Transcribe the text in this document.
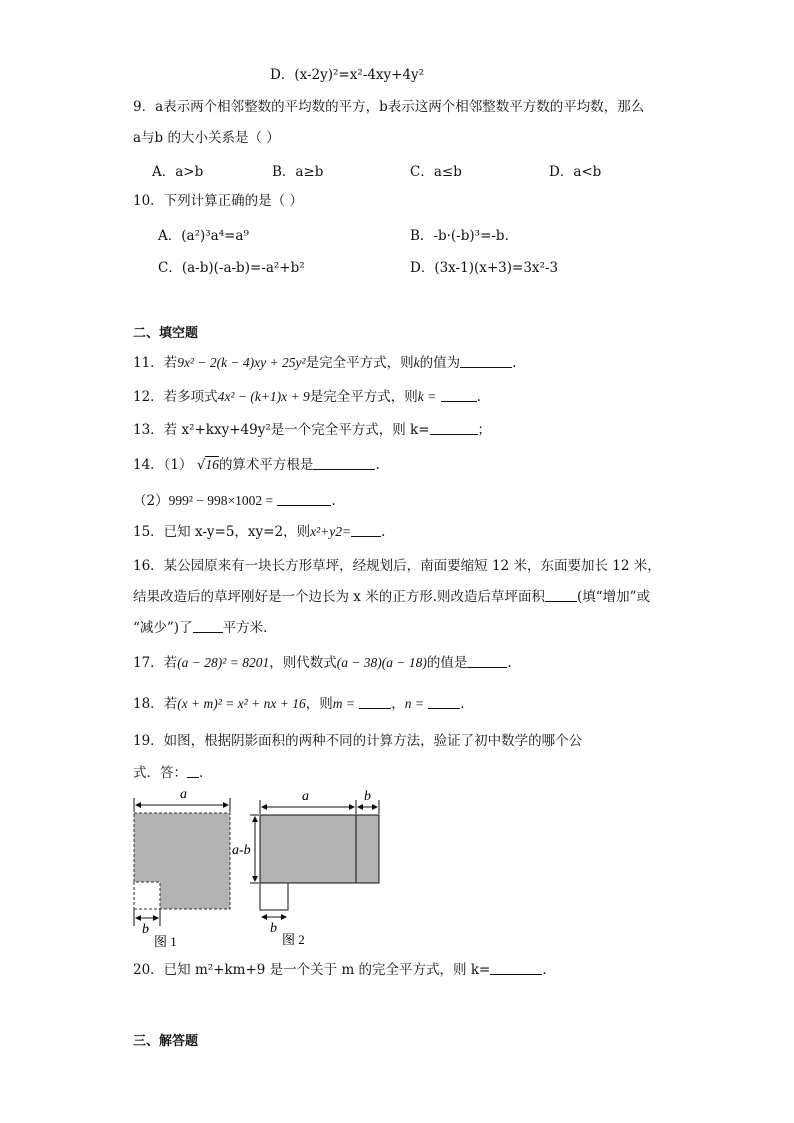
D．(x-2y)²=x²-4xy+4y²
9．a表示两个相邻整数的平均数的平方，b表示这两个相邻整数平方数的平均数，那么
a与b 的大小关系是（ ）
A．a>b	B．a≥b	C．a≤b	D．a<b
10．下列计算正确的是（ ）
A．(a²)³a⁴=a⁹	B．-b·(-b)³=-b.
C．(a-b)(-a-b)=-a²+b²	D．(3x-1)(x+3)=3x²-3
二、填空题
11．若9x² − 2(k − 4)xy + 25y²是完全平方式，则k的值为	.
12．若多项式4x² − (k+1)x + 9是完全平方式，则k =	.
13．若 x²+kxy+49y²是一个完全平方式，则 k=	；
14．（1） √16的算术平方根是	.
（2）999² − 998×1002 =	.
15．已知 x-y=5，xy=2，则x²+y2= .
16．某公园原来有一块长方形草坪，经规划后，南面要缩短 12 米，东面要加长 12 米，
结果改造后的草坪刚好是一个边长为 x 米的正方形.则改造后草坪面积 (填“增加”或
“减少”)了 平方米.
17．若(a − 28)² = 8201，则代数式(a − 38)(a − 18)的值是	.
18．若(x + m)² = x² + nx + 16，则m =	，n =	.
19．如图，根据阴影面积的两种不同的计算方法，验证了初中数学的哪个公
式．答： .
a
b
图 1
a	b
a-b
b
图 2
20．已知 m²+km+9 是一个关于 m 的完全平方式，则 k=	.
三、解答题
